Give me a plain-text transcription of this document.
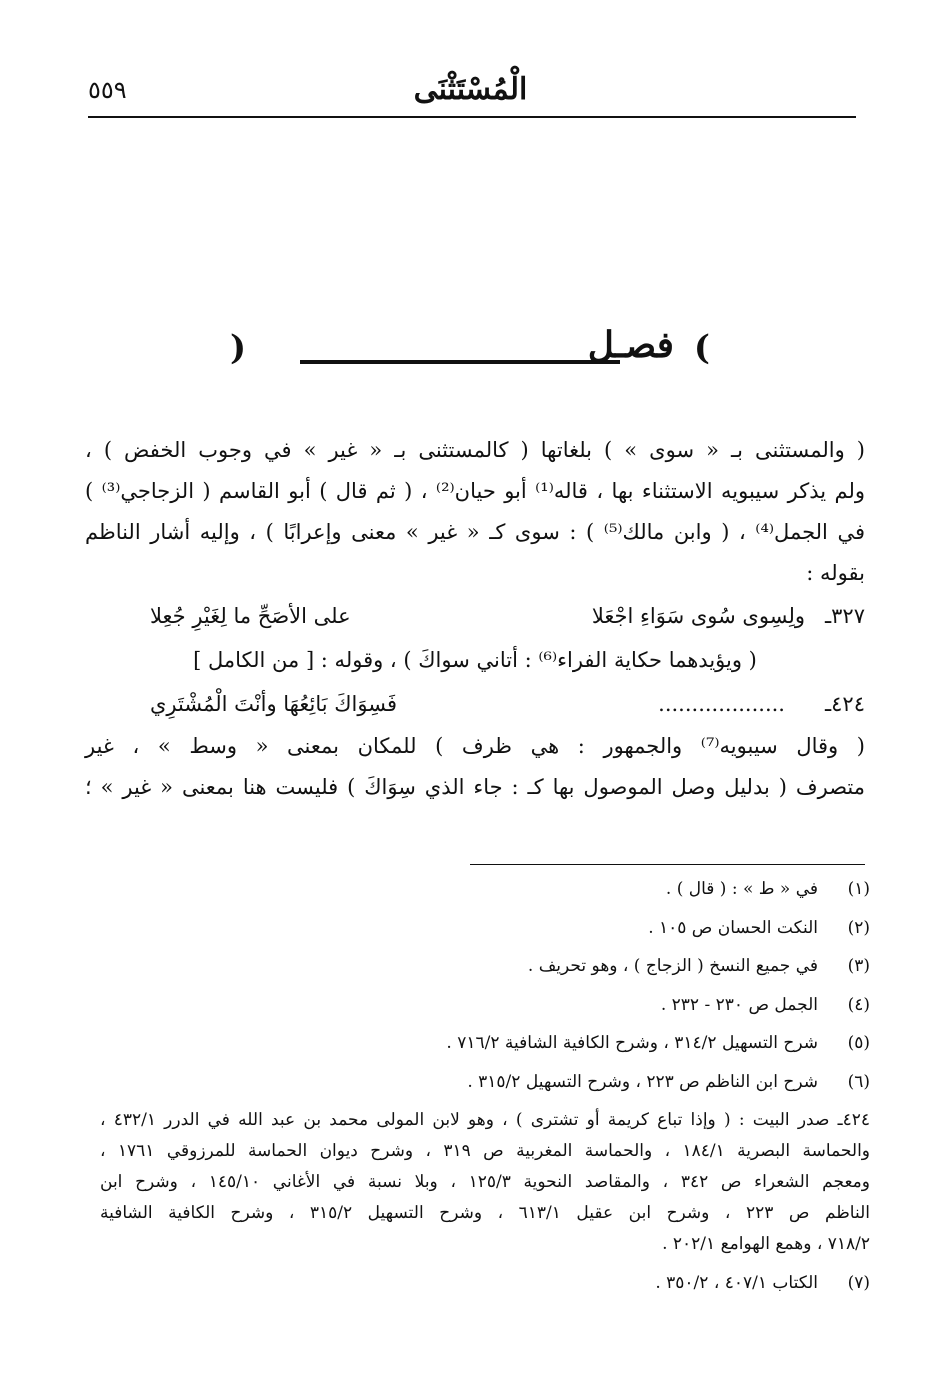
الْمُسْتَثْنَى
٥٥٩
)	فصـل (
( والمستثنى بـ « سوى » ) بلغاتها ( كالمستثنى بـ « غير » في وجوب الخفض ) ،
ولم يذكر سيبويه الاستثناء بها ، قاله⁽¹⁾ أبو حيان⁽²⁾ ، ( ثم قال ) أبو القاسم ( الزجاجي⁽³⁾ )
في الجمل⁽⁴⁾ ، ( وابن مالك⁽⁵⁾ ) : سوى كـ « غير » معنى وإعرابًا ) ، وإليه أشار الناظم
بقوله :
٣٢٧ـ
ولِسِوى سُوى سَوَاءِ اجْعَلا
على الأصَحِّ ما لِغَيْرِ جُعِلا
( ويؤيدهما حكاية الفراء⁽⁶⁾ : أتاني سواكَ ) ، وقوله : [ من الكامل ]
٤٢٤ـ
...................
فَسِوَاكَ بَائِعُهَا وأنْتَ الْمُشْتَرِي
( وقال سيبويه⁽⁷⁾ والجمهور : هي ظرف ) للمكان بمعنى « وسط » ، غير
متصرف ( بدليل وصل الموصول بها كـ : جاء الذي سِوَاكَ ) فليست هنا بمعنى « غير » ؛
(١)في « ط » : ( قال ) .
(٢)النكت الحسان ص ١٠٥ .
(٣)في جميع النسخ ( الزجاج ) ، وهو تحريف .
(٤)الجمل ص ٢٣٠ - ٢٣٢ .
(٥)شرح التسهيل ٣١٤/٢ ، وشرح الكافية الشافية ٧١٦/٢ .
(٦)شرح ابن الناظم ص ٢٢٣ ، وشرح التسهيل ٣١٥/٢ .
٤٢٤ـ صدر البيت : ( وإذا تباع كريمة أو تشترى ) ، وهو لابن المولى محمد بن عبد الله في الدرر ٤٣٢/١ ،
والحماسة البصرية ١٨٤/١ ، والحماسة المغربية ص ٣١٩ ، وشرح ديوان الحماسة للمرزوقي ١٧٦١ ،
ومعجم الشعراء ص ٣٤٢ ، والمقاصد النحوية ١٢٥/٣ ، وبلا نسبة في الأغاني ١٤٥/١٠ ، وشرح ابن
الناظم ص ٢٢٣ ، وشرح ابن عقيل ٦١٣/١ ، وشرح التسهيل ٣١٥/٢ ، وشرح الكافية الشافية
٧١٨/٢ ، وهمع الهوامع ٢٠٢/١ .
(٧)الكتاب ٤٠٧/١ ، ٣٥٠/٢ .
